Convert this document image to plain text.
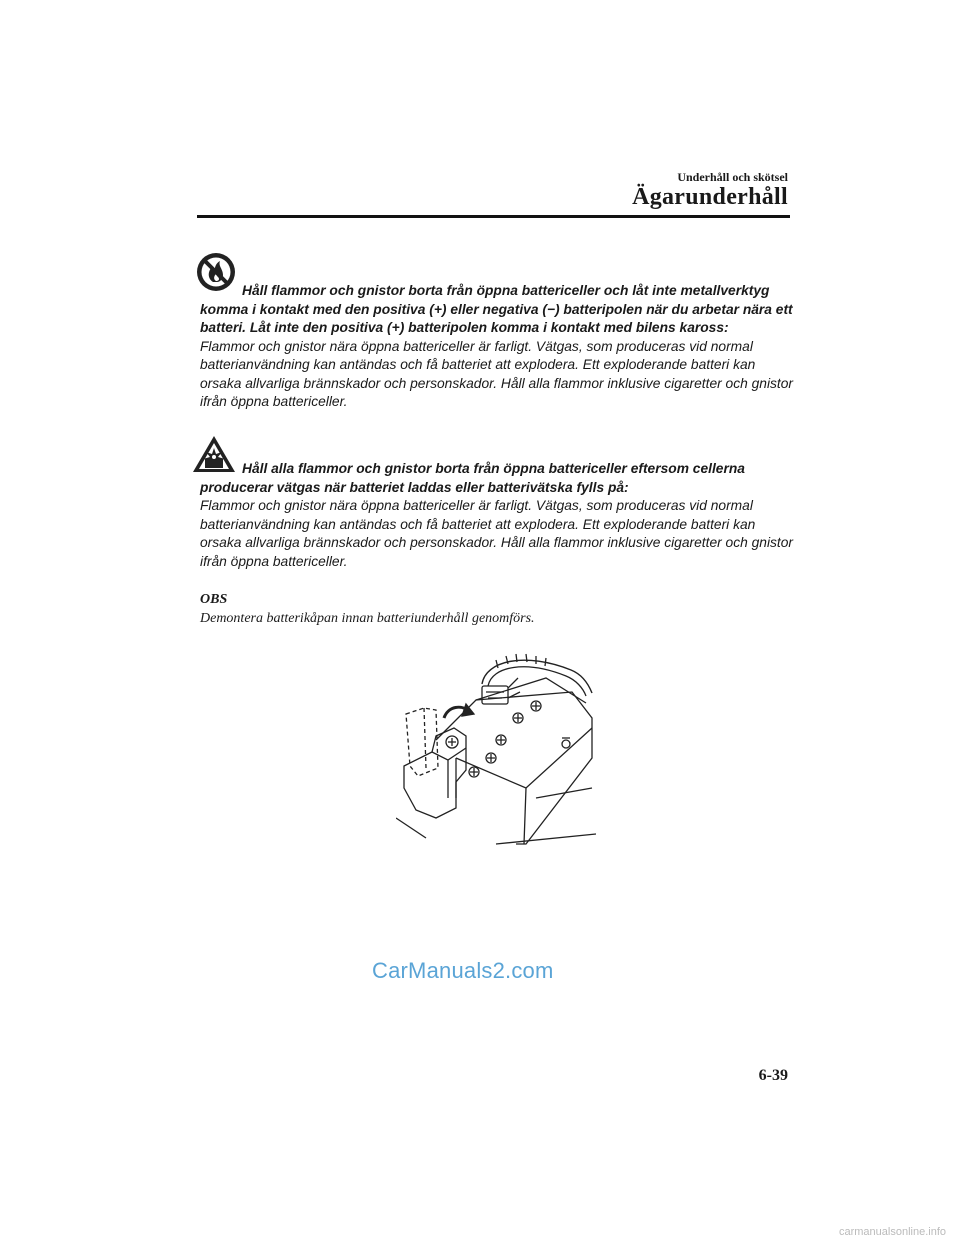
Underhåll och skötsel
Ägarunderhåll
Håll flammor och gnistor borta från öppna battericeller och låt inte metallverktyg komma i kontakt med den positiva (+) eller negativa (−) batteripolen när du arbetar nära ett batteri. Låt inte den positiva (+) batteripolen komma i kontakt med bilens kaross:
Flammor och gnistor nära öppna battericeller är farligt. Vätgas, som produceras vid normal batterianvändning kan antändas och få batteriet att explodera. Ett exploderande batteri kan orsaka allvarliga brännskador och personskador. Håll alla flammor inklusive cigaretter och gnistor ifrån öppna battericeller.
Håll alla flammor och gnistor borta från öppna battericeller eftersom cellerna producerar vätgas när batteriet laddas eller batterivätska fylls på:
Flammor och gnistor nära öppna battericeller är farligt. Vätgas, som produceras vid normal batterianvändning kan antändas och få batteriet att explodera. Ett exploderande batteri kan orsaka allvarliga brännskador och personskador. Håll alla flammor inklusive cigaretter och gnistor ifrån öppna battericeller.
OBS
Demontera batterikåpan innan batteriunderhåll genomförs.
CarManuals2.com
6-39
carmanualsonline.info
